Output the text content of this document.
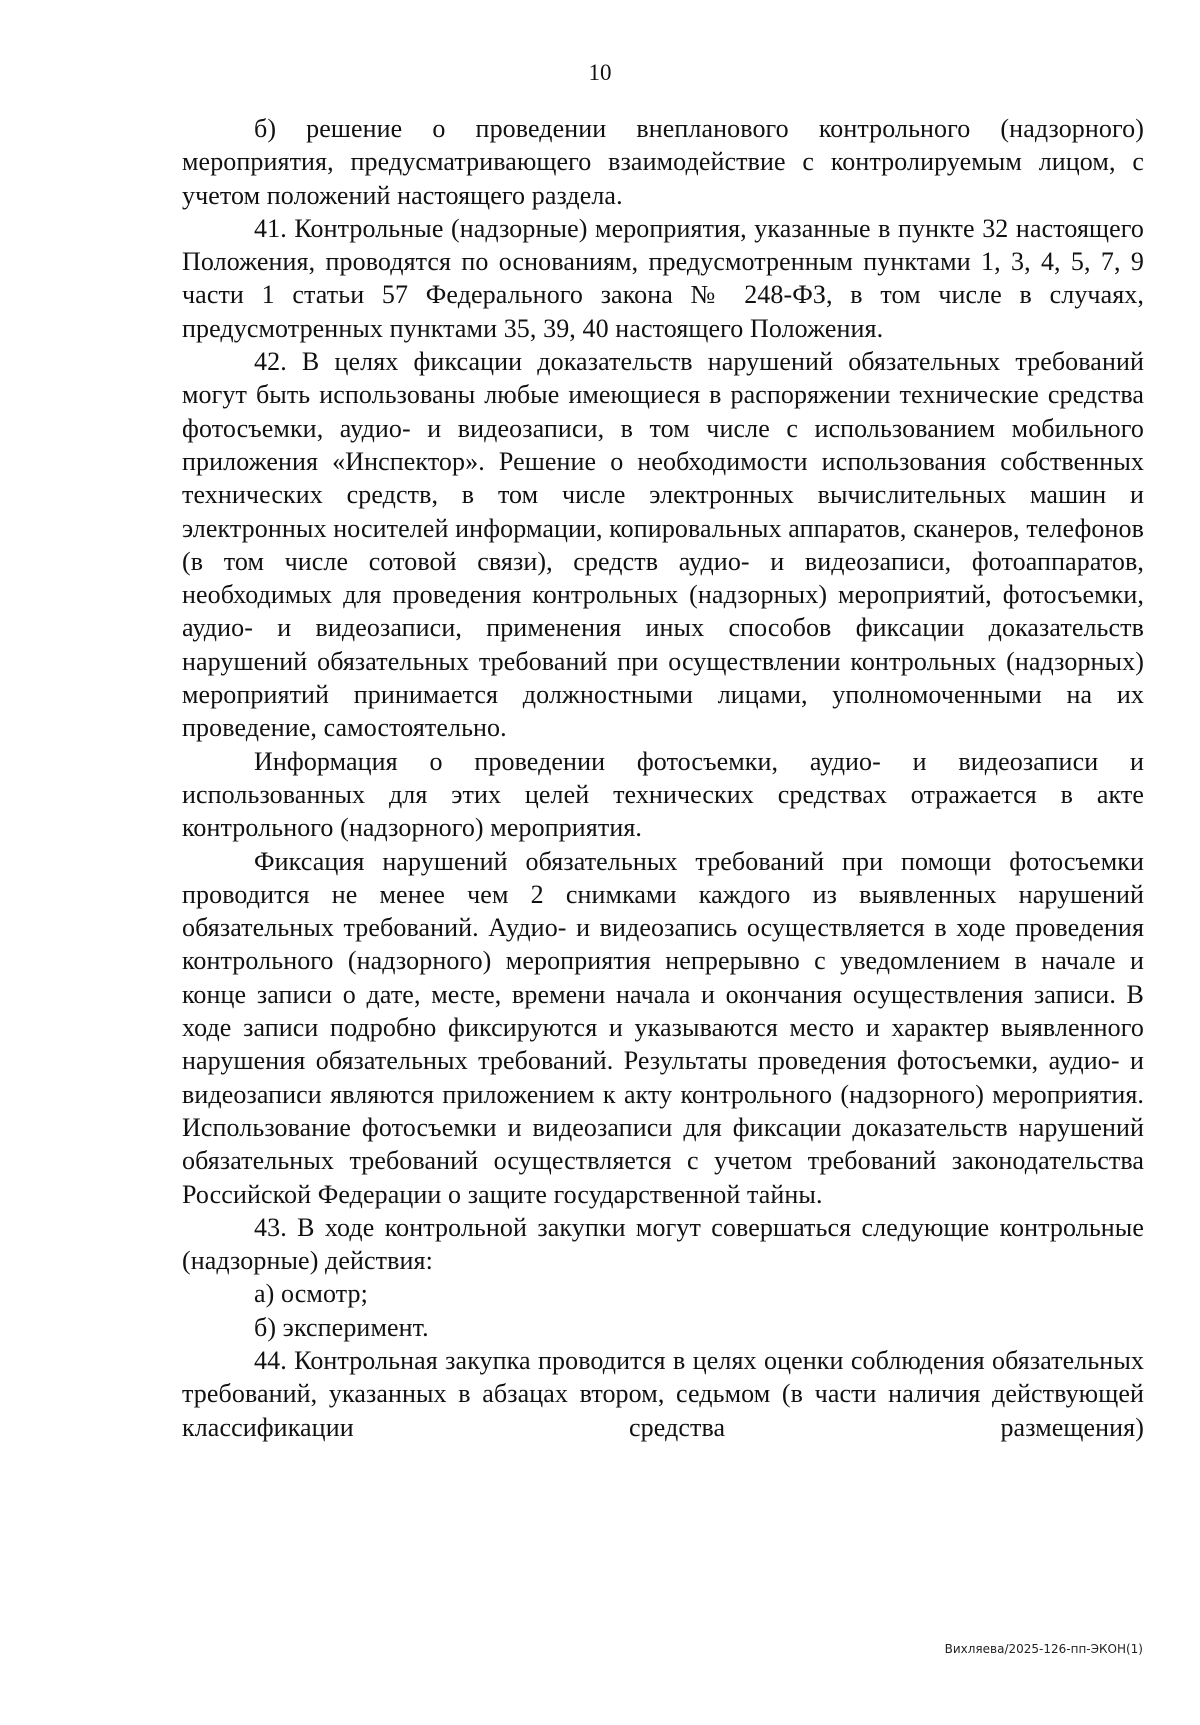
10

б) решение о проведении внепланового контрольного (надзорного) мероприятия, предусматривающего взаимодействие с контролируемым лицом, с учетом положений настоящего раздела.

41. Контрольные (надзорные) мероприятия, указанные в пункте 32 настоящего Положения, проводятся по основаниям, предусмотренным пунктами 1, 3, 4, 5, 7, 9 части 1 статьи 57 Федерального закона № 248-ФЗ, в том числе в случаях, предусмотренных пунктами 35, 39, 40 настоящего Положения.

42. В целях фиксации доказательств нарушений обязательных требований могут быть использованы любые имеющиеся в распоряжении технические средства фотосъемки, аудио- и видеозаписи, в том числе с использованием мобильного приложения «Инспектор». Решение о необходимости использования собственных технических средств, в том числе электронных вычислительных машин и электронных носителей информации, копировальных аппаратов, сканеров, телефонов (в том числе сотовой связи), средств аудио- и видеозаписи, фотоаппаратов, необходимых для проведения контрольных (надзорных) мероприятий, фотосъемки, аудио- и видеозаписи, применения иных способов фиксации доказательств нарушений обязательных требований при осуществлении контрольных (надзорных) мероприятий принимается должностными лицами, уполномоченными на их проведение, самостоятельно.

Информация о проведении фотосъемки, аудио- и видеозаписи и использованных для этих целей технических средствах отражается в акте контрольного (надзорного) мероприятия.

Фиксация нарушений обязательных требований при помощи фотосъемки проводится не менее чем 2 снимками каждого из выявленных нарушений обязательных требований. Аудио- и видеозапись осуществляется в ходе проведения контрольного (надзорного) мероприятия непрерывно с уведомлением в начале и конце записи о дате, месте, времени начала и окончания осуществления записи. В ходе записи подробно фиксируются и указываются место и характер выявленного нарушения обязательных требований. Результаты проведения фотосъемки, аудио- и видеозаписи являются приложением к акту контрольного (надзорного) мероприятия. Использование фотосъемки и видеозаписи для фиксации доказательств нарушений обязательных требований осуществляется с учетом требований законодательства Российской Федерации о защите государственной тайны.

43. В ходе контрольной закупки могут совершаться следующие контрольные (надзорные) действия:

а) осмотр;

б) эксперимент.

44. Контрольная закупка проводится в целях оценки соблюдения обязательных требований, указанных в абзацах втором, седьмом (в части наличия действующей классификации средства размещения)

Вихляева/2025-126-пп-ЭКОН(1)
